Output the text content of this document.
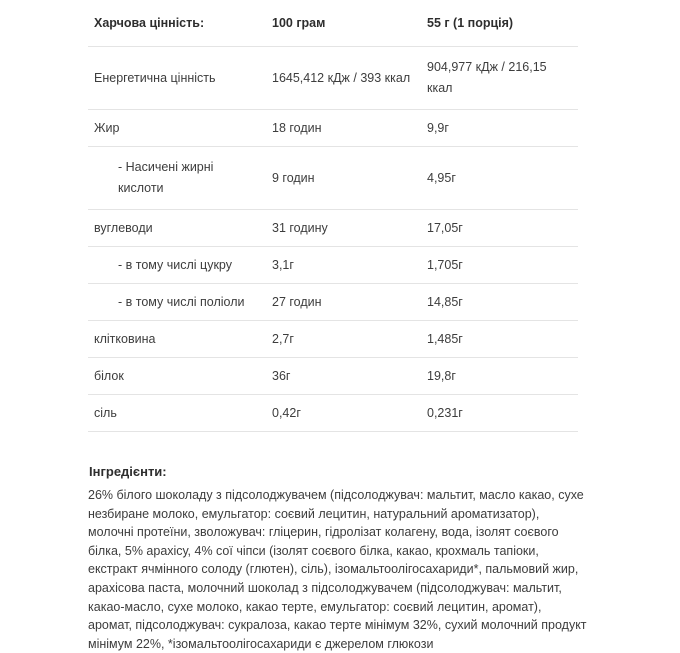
Харчова цінність:	100 грам	55 г (1 порція)
Енергетична цінність	1645,412 кДж / 393 ккал	904,977 кДж / 216,15 ккал
Жир	18 годин	9,9г
- Насичені жирні кислоти	9 годин	4,95г
вуглеводи	31 годину	17,05г
- в тому числі цукру	3,1г	1,705г
- в тому числі поліоли	27 годин	14,85г
клітковина	2,7г	1,485г
білок	36г	19,8г
сіль	0,42г	0,231г
Інгредієнти:
26% білого шоколаду з підсолоджувачем (підсолоджувач: мальтит, масло какао, сухе незбиране молоко, емульгатор: соєвий лецитин, натуральний ароматизатор), молочні протеїни, зволожувач: гліцерин, гідролізат колагену, вода, ізолят соєвого білка, 5% арахісу, 4% сої чіпси (ізолят соєвого білка, какао, крохмаль тапіоки, екстракт ячмінного солоду (глютен), сіль), ізомальтоолігосахариди*, пальмовий жир, арахісова паста, молочний шоколад з підсолоджувачем (підсолоджувач: мальтит, какао-масло, сухе молоко, какао терте, емульгатор: соєвий лецитин, аромат), аромат, підсолоджувач: сукралоза, какао терте мінімум 32%, сухий молочний продукт мінімум 22%, *ізомальтоолігосахариди є джерелом глюкози
